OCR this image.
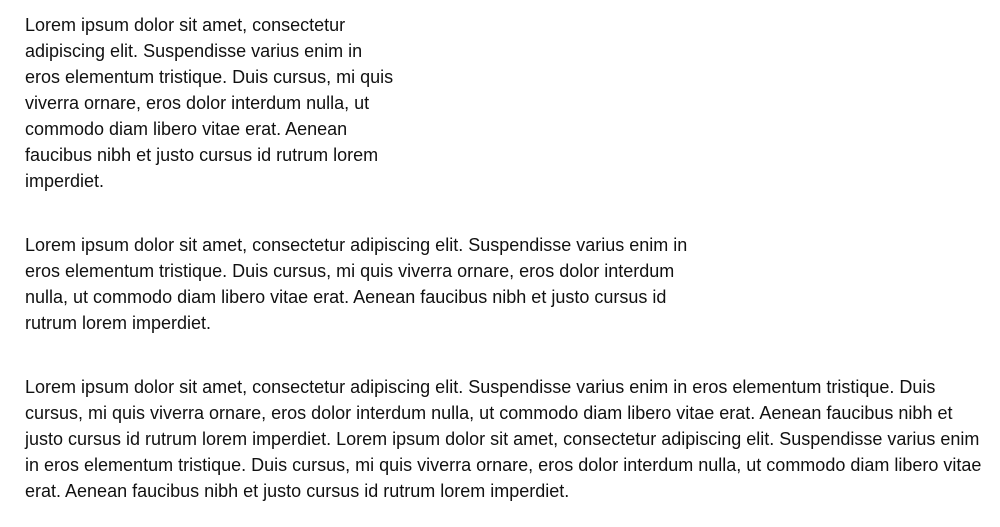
Lorem ipsum dolor sit amet, consectetur adipiscing elit. Suspendisse varius enim in eros elementum tristique. Duis cursus, mi quis viverra ornare, eros dolor interdum nulla, ut commodo diam libero vitae erat. Aenean faucibus nibh et justo cursus id rutrum lorem imperdiet.

Lorem ipsum dolor sit amet, consectetur adipiscing elit. Suspendisse varius enim in eros elementum tristique. Duis cursus, mi quis viverra ornare, eros dolor interdum nulla, ut commodo diam libero vitae erat. Aenean faucibus nibh et justo cursus id rutrum lorem imperdiet.

Lorem ipsum dolor sit amet, consectetur adipiscing elit. Suspendisse varius enim in eros elementum tristique. Duis cursus, mi quis viverra ornare, eros dolor interdum nulla, ut commodo diam libero vitae erat. Aenean faucibus nibh et justo cursus id rutrum lorem imperdiet. Lorem ipsum dolor sit amet, consectetur adipiscing elit. Suspendisse varius enim in eros elementum tristique. Duis cursus, mi quis viverra ornare, eros dolor interdum nulla, ut commodo diam libero vitae erat. Aenean faucibus nibh et justo cursus id rutrum lorem imperdiet.
